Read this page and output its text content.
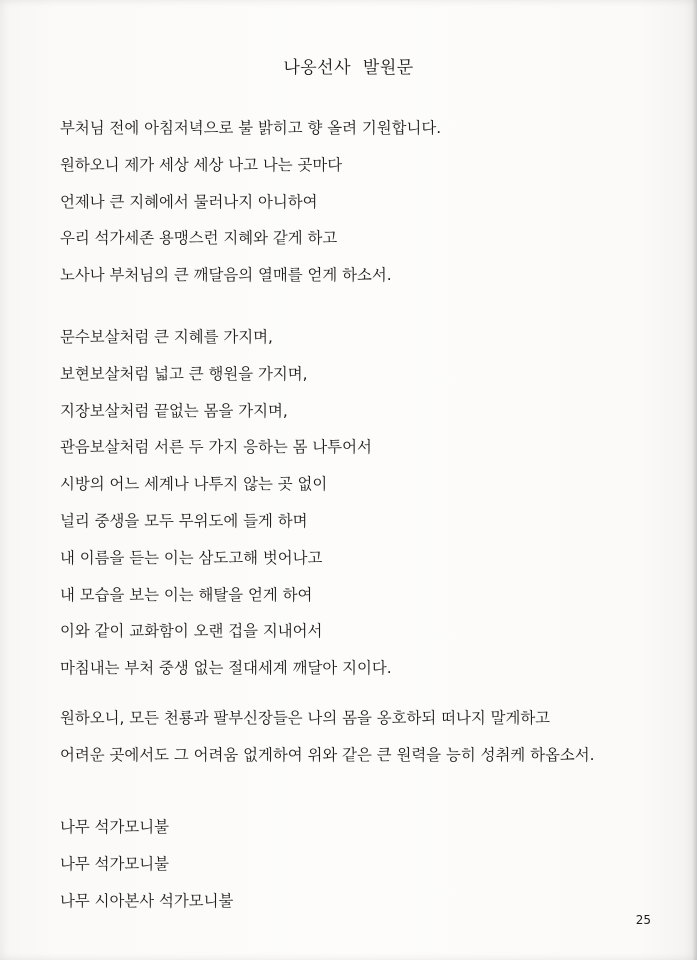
나옹선사 발원문
부처님 전에 아침저녁으로 불 밝히고 향 올려 기원합니다.
원하오니 제가 세상 세상 나고 나는 곳마다
언제나 큰 지혜에서 물러나지 아니하여
우리 석가세존 용맹스런 지혜와 같게 하고
노사나 부처님의 큰 깨달음의 열매를 얻게 하소서.
문수보살처럼 큰 지혜를 가지며,
보현보살처럼 넓고 큰 행원을 가지며,
지장보살처럼 끝없는 몸을 가지며,
관음보살처럼 서른 두 가지 응하는 몸 나투어서
시방의 어느 세계나 나투지 않는 곳 없이
널리 중생을 모두 무위도에 들게 하며
내 이름을 듣는 이는 삼도고해 벗어나고
내 모습을 보는 이는 해탈을 얻게 하여
이와 같이 교화함이 오랜 겁을 지내어서
마침내는 부처 중생 없는 절대세계 깨달아 지이다.
원하오니, 모든 천룡과 팔부신장들은 나의 몸을 옹호하되 떠나지 말게하고
어려운 곳에서도 그 어려움 없게하여 위와 같은 큰 원력을 능히 성취케 하옵소서.
나무 석가모니불
나무 석가모니불
나무 시아본사 석가모니불
25
